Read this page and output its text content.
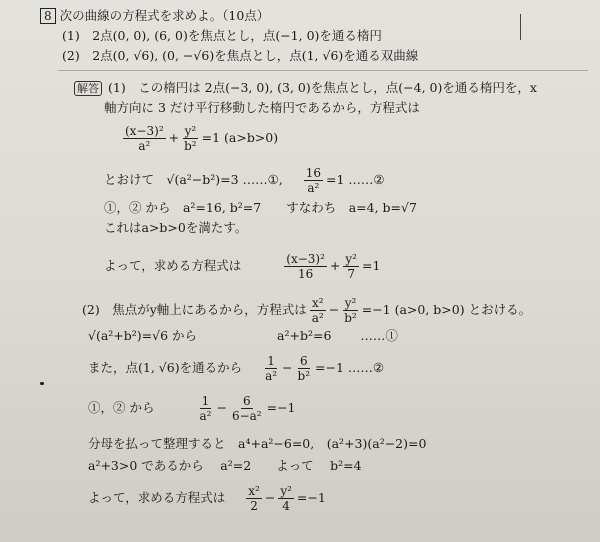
8 次の曲線の方程式を求めよ。（10点）
(1)　2点(0, 0), (6, 0)を焦点とし，点(−1, 0)を通る楕円
(2)　2点(0, √6), (0, −√6)を焦点とし，点(1, √6)を通る双曲線
解答 (1)　この楕円は 2点(−3, 0), (3, 0)を焦点とし，点(−4, 0)を通る楕円を，x
軸方向に 3 だけ平行移動した楕円であるから，方程式は
$\frac{\text{(x−3)²}}{\text{a²}} + \frac{\text{y²}}{\text{b²}} =1$ (a>b>0)
とおけて　√(a²−b²)=3 ……①, $\frac{16}{\text{a²}} =1$ ……②
①，② から　a²=16, b²=7　　すなわち　a=4, b=√7
これはa>b>0を満たす。
よって，求める方程式は	$\frac{\text{(x−3)²}}{16} + \frac{\text{y²}}{7} =1$
(2)　焦点がy軸上にあるから，方程式は $\frac{\text{x²}}{\text{a²}} - \frac{\text{y²}}{\text{b²}} =-1$ (a>0, b>0) とおける。
√(a²+b²)=√6 から	a²+b²=6　　 ……①
また，点(1, √6)を通るから $\frac{1}{\text{a²}} - \frac{6}{\text{b²}} =-1$ ……②
①，② から	$\frac{1}{\text{a²}} - \frac{6}{\text{6−a²}} =-1$
分母を払って整理すると　a⁴+a²−6=0,　(a²+3)(a²−2)=0
a²+3>0 であるから　 a²=2　　よって　 b²=4
よって，求める方程式は $\frac{\text{x²}}{2} - \frac{\text{y²}}{4} =-1$
